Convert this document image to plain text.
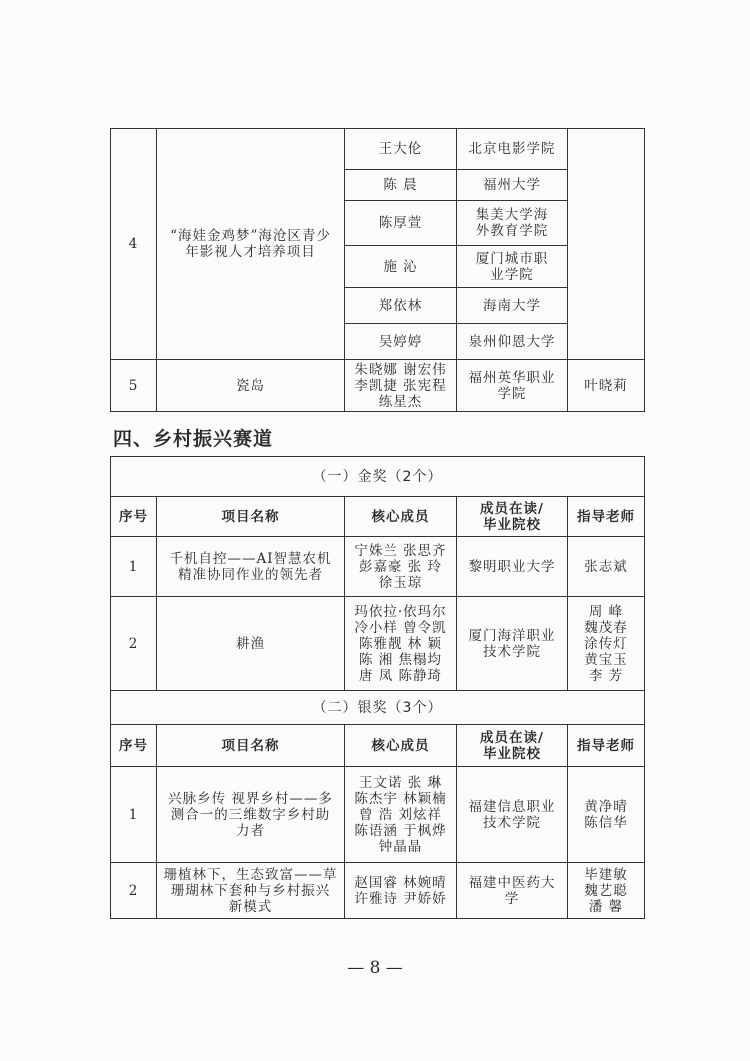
4	“海娃金鸡梦”海沧区青少年影视人才培养项目	王大伦	北京电影学院	
		陈 晨	福州大学	
		陈厚萱	集美大学海外教育学院	
		施 沁	厦门城市职业学院	
		郑依林	海南大学	
		吴婷婷	泉州仰恩大学	
5	瓷岛	朱晓娜 谢宏伟
李凯捷 张宪程
练星杰	福州英华职业
学院	叶晓莉
四、乡村振兴赛道
（一）金奖（2个）				
序号	项目名称	核心成员	成员在读/
毕业院校	指导老师
1	千机自控——AI智慧农机
精准协同作业的领先者	宁姝兰 张思齐
彭嘉豪 张 玲
徐玉琼	黎明职业大学	张志斌
2	耕渔	玛依拉·依玛尔
冷小样 曾令凯
陈雅靓 林 颖
陈 湘 焦榻均
唐 凤 陈静琦	厦门海洋职业
技术学院	周 峰
魏茂春
涂传灯
黄宝玉
李 芳
（二）银奖（3个）				
序号	项目名称	核心成员	成员在读/
毕业院校	指导老师
1	兴脉乡传 视界乡村——多
测合一的三维数字乡村助
力者	王文诺 张 琳
陈杰宇 林颖楠
曾 浩 刘炫祥
陈语涵 于枫烨
钟晶晶	福建信息职业
技术学院	黄净晴
陈信华
2	珊植林下，生态致富——草
珊瑚林下套种与乡村振兴
新模式	赵国睿 林婉晴
许雅诗 尹娇娇	福建中医药大
学	毕建敏
魏艺聪
潘 馨
— 8 —
